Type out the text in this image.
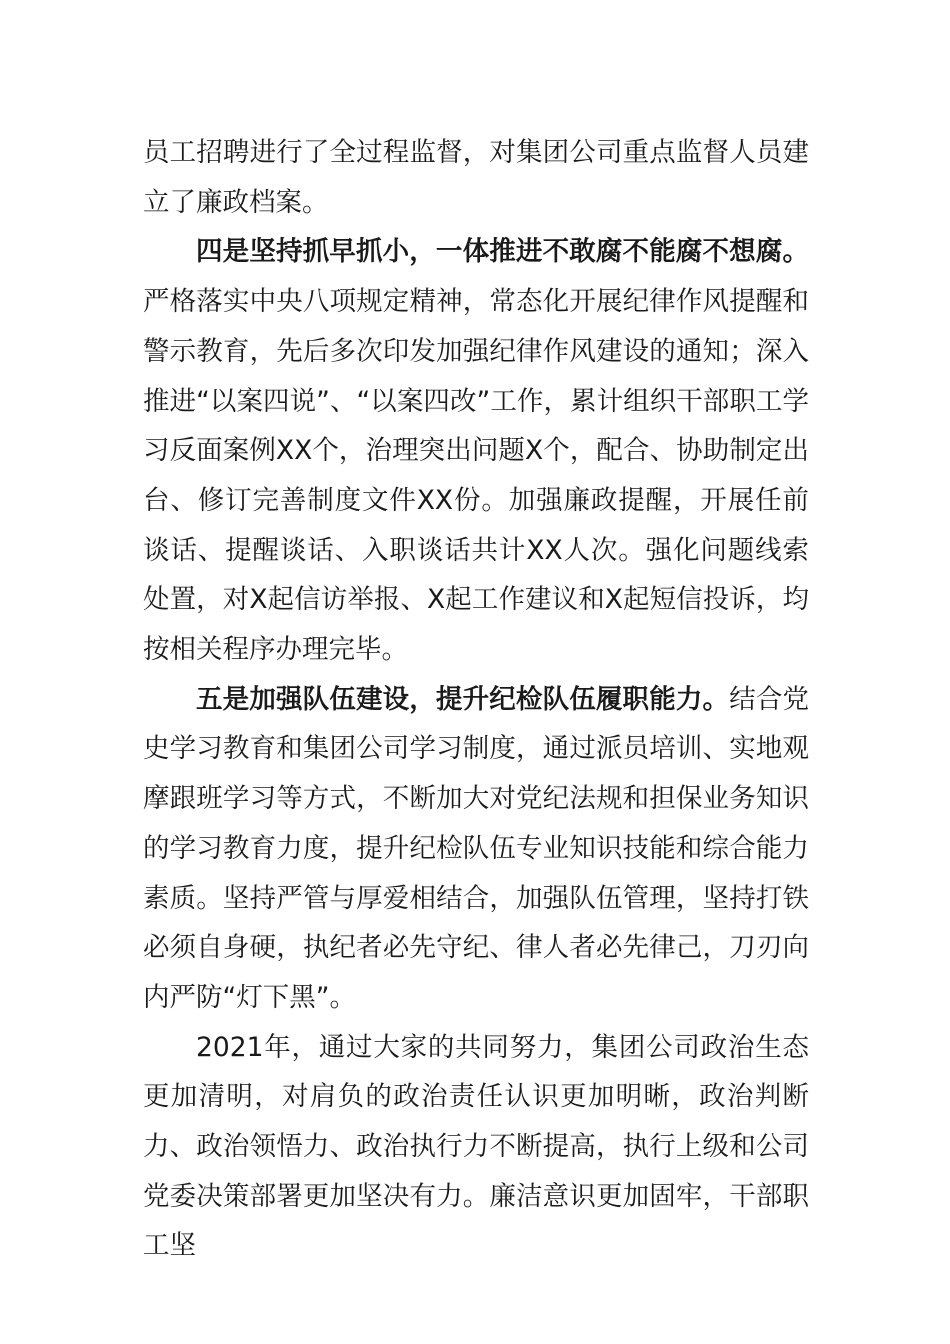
员工招聘进行了全过程监督，对集团公司重点监督人员建立了廉政档案。

四是坚持抓早抓小，一体推进不敢腐不能腐不想腐。严格落实中央八项规定精神，常态化开展纪律作风提醒和警示教育，先后多次印发加强纪律作风建设的通知；深入推进“以案四说”、“以案四改”工作，累计组织干部职工学习反面案例XX个，治理突出问题X个，配合、协助制定出台、修订完善制度文件XX份。加强廉政提醒，开展任前谈话、提醒谈话、入职谈话共计XX人次。强化问题线索处置，对X起信访举报、X起工作建议和X起短信投诉，均按相关程序办理完毕。

五是加强队伍建设，提升纪检队伍履职能力。结合党史学习教育和集团公司学习制度，通过派员培训、实地观摩跟班学习等方式，不断加大对党纪法规和担保业务知识的学习教育力度，提升纪检队伍专业知识技能和综合能力素质。坚持严管与厚爱相结合，加强队伍管理，坚持打铁必须自身硬，执纪者必先守纪、律人者必先律己，刀刃向内严防“灯下黑”。

2021年，通过大家的共同努力，集团公司政治生态更加清明，对肩负的政治责任认识更加明晰，政治判断力、政治领悟力、政治执行力不断提高，执行上级和公司党委决策部署更加坚决有力。廉洁意识更加固牢，干部职工坚
